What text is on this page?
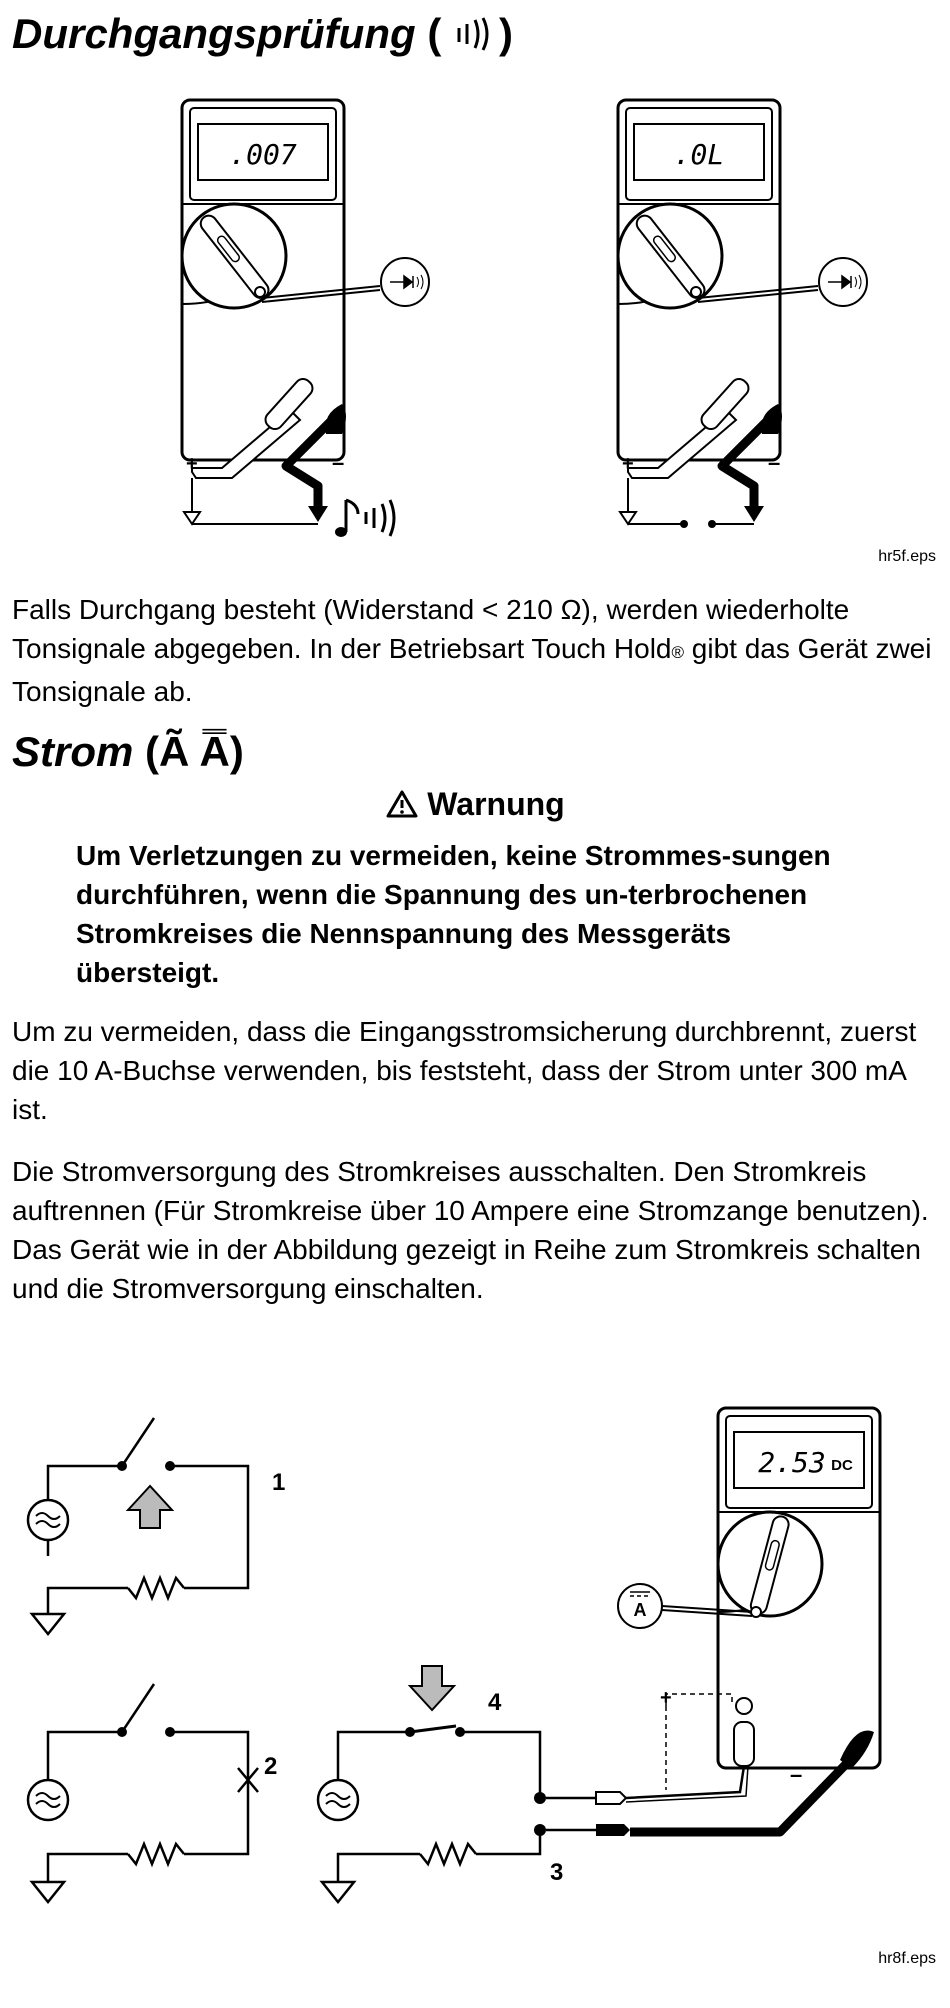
Durchgangsprüfung ( )
.007
+	–
.0L
+	–
hr5f.eps

Falls Durchgang besteht (Widerstand < 210 Ω), werden wiederholte Tonsignale abgegeben. In der Betriebsart Touch Hold® gibt das Gerät zwei Tonsignale ab.

Strom (Ã A̿)
Warnung

Um Verletzungen zu vermeiden, keine Strommes-sungen durchführen, wenn die Spannung des un-terbrochenen Stromkreises die Nennspannung des Messgeräts übersteigt.

Um zu vermeiden, dass die Eingangsstromsicherung durchbrennt, zuerst die 10 A-Buchse verwenden, bis feststeht, dass der Strom unter 300 mA ist.

Die Stromversorgung des Stromkreises ausschalten. Den Stromkreis auftrennen (Für Stromkreise über 10 Ampere eine Stromzange benutzen). Das Gerät wie in der Abbildung gezeigt in Reihe zum Stromkreis schalten und die Stromversorgung einschalten.

1
2
4
3
2.53 DC
A
+
–
hr8f.eps
